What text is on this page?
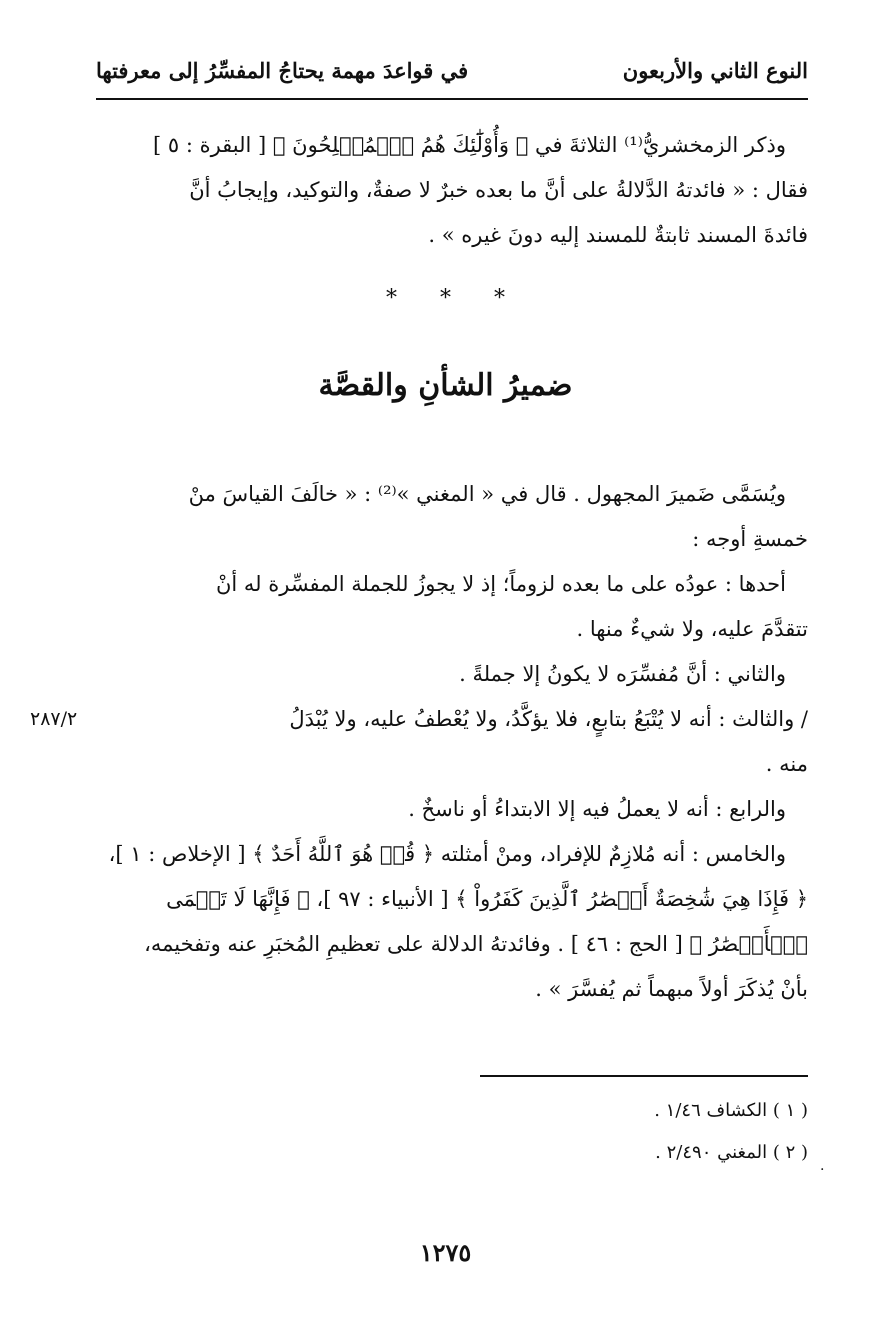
النوع الثاني والأربعون
في قواعدَ مهمة يحتاجُ المفسِّرُ إلى معرفتها
وذكر الزمخشريُّ⁽¹⁾ الثلاثةَ في ﴿ وَأُوْلَٰٓئِكَ هُمُ ٱلۡمُفۡلِحُونَ ﴾ [ البقرة : ٥ ]
فقال : « فائدتهُ الدَّلالةُ على أنَّ ما بعده خبرٌ لا صفةٌ، والتوكيد، وإيجابُ أنَّ
فائدةَ المسند ثابتةٌ للمسند إليه دونَ غيره » .
* * *
ضميرُ الشأنِ والقصَّة
ويُسَمَّى ضَميرَ المجهول . قال في « المغني »⁽²⁾ : « خالَفَ القياسَ منْ
خمسةِ أوجه :
أحدها : عودُه على ما بعده لزوماً؛ إذ لا يجوزُ للجملة المفسِّرة له أنْ
تتقدَّمَ عليه، ولا شيءٌ منها .
والثاني : أنَّ مُفسِّرَه لا يكونُ إلا جملةً .
/ والثالث : أنه لا يُتْبَعُ بتابعٍ، فلا يؤكَّدُ، ولا يُعْطفُ عليه، ولا يُبْدَلُ
٢٨٧/٢
منه .
والرابع : أنه لا يعملُ فيه إلا الابتداءُ أو ناسخٌ .
والخامس : أنه مُلازِمٌ للإفراد، ومنْ أمثلته ﴿ قُلۡ هُوَ ٱللَّهُ أَحَدٌ ﴾ [ الإخلاص : ١ ]،
﴿ فَإِذَا هِيَ شَٰخِصَةٌ أَبۡصَٰرُ ٱلَّذِينَ كَفَرُواْ ﴾ [ الأنبياء : ٩٧ ]، ﴿ فَإِنَّهَا لَا تَعۡمَى
ٱلۡأَبۡصَٰرُ ﴾ [ الحج : ٤٦ ] . وفائدتهُ الدلالة على تعظيمِ المُخبَرِ عنه وتفخيمه،
بأنْ يُذكَرَ أولاً مبهماً ثم يُفسَّرَ » .
( ١ ) الكشاف ١/٤٦ .
( ٢ ) المغني ٢/٤٩٠ .
.
١٢٧٥
